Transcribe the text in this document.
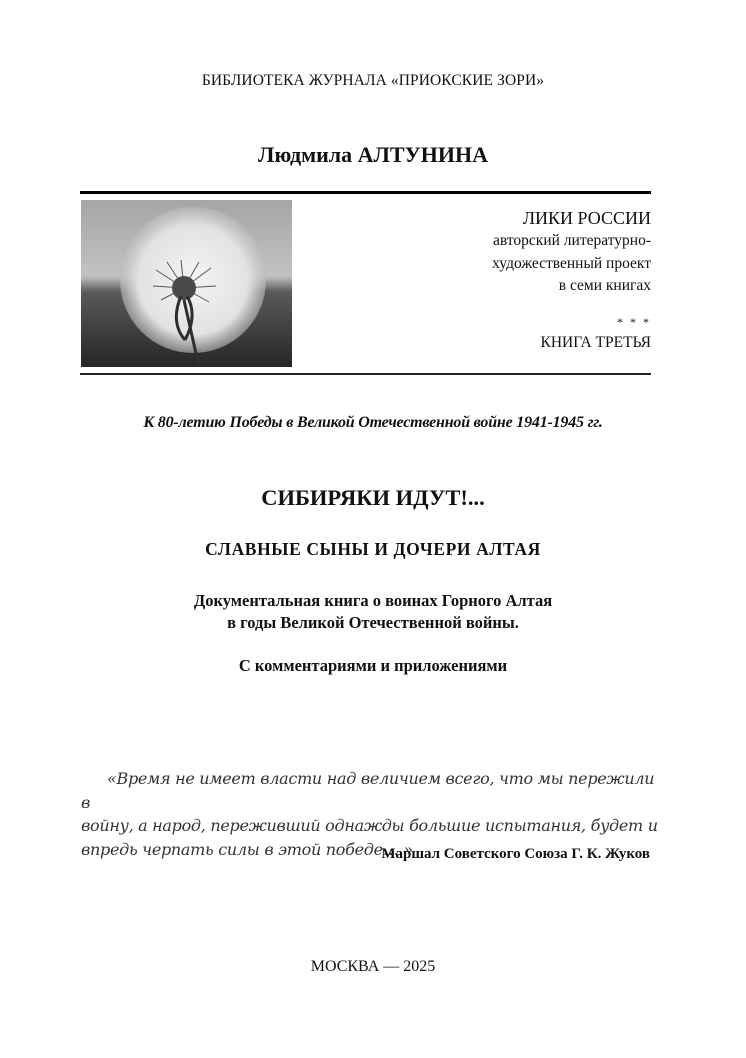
БИБЛИОТЕКА ЖУРНАЛА «ПРИОКСКИЕ ЗОРИ»
Людмила АЛТУНИНА
ЛИКИ РОССИИ
авторский литературно-
художественный проект
в семи книгах
* * *
КНИГА ТРЕТЬЯ
К 80-летию Победы в Великой Отечественной войне 1941-1945 гг.
СИБИРЯКИ ИДУТ!...
СЛАВНЫЕ СЫНЫ И ДОЧЕРИ АЛТАЯ
Документальная книга о воинах Горного Алтая
в годы Великой Отечественной войны.
С комментариями и приложениями
«Время не имеет власти над величием всего, что мы пережили в
войну, а народ, переживший однажды большие испытания, будет и
впредь черпать силы в этой победе… »
Маршал Советского Союза Г. К. Жуков
МОСКВА — 2025
